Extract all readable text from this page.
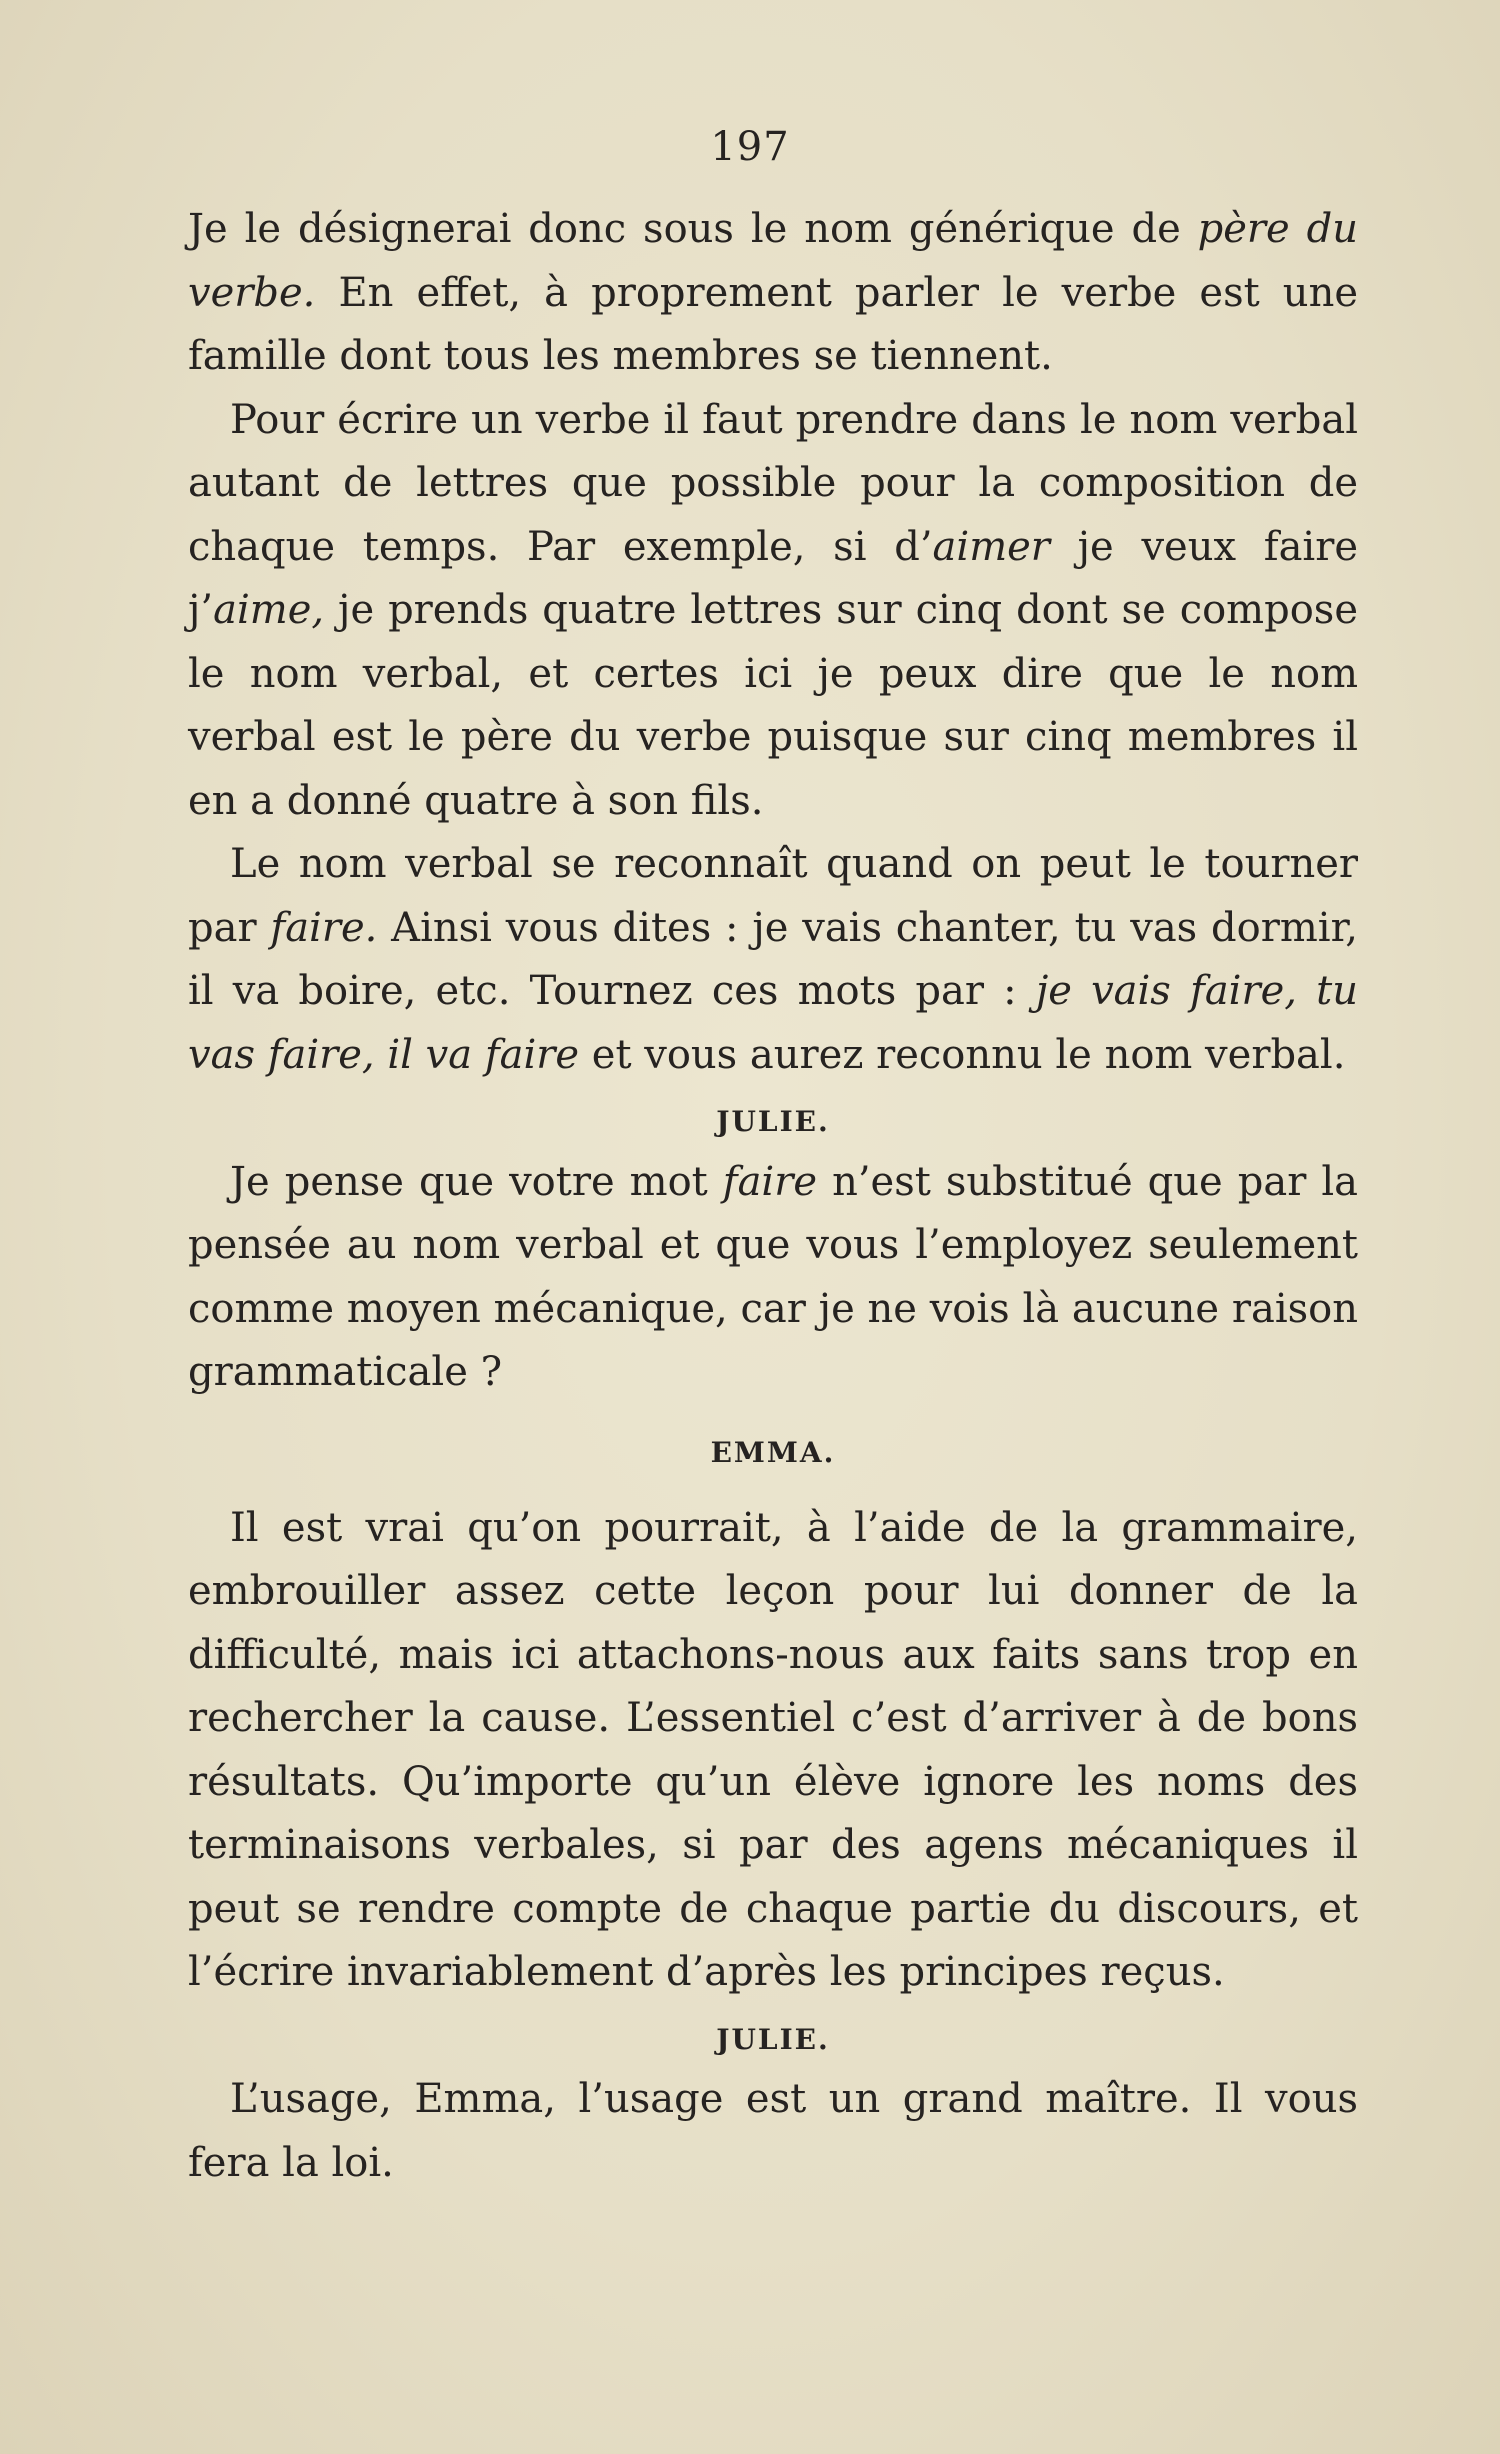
197

Je le désignerai donc sous le nom générique de père du verbe. En effet, à proprement parler le verbe est une famille dont tous les membres se tiennent.

Pour écrire un verbe il faut prendre dans le nom verbal autant de lettres que possible pour la composition de chaque temps. Par exemple, si d’aimer je veux faire j’aime, je prends quatre lettres sur cinq dont se compose le nom verbal, et certes ici je peux dire que le nom verbal est le père du verbe puisque sur cinq membres il en a donné quatre à son fils.

Le nom verbal se reconnaît quand on peut le tourner par faire. Ainsi vous dites : je vais chanter, tu vas dormir, il va boire, etc. Tournez ces mots par : je vais faire, tu vas faire, il va faire et vous aurez reconnu le nom verbal.

JULIE.

Je pense que votre mot faire n’est substitué que par la pensée au nom verbal et que vous l’employez seulement comme moyen mécanique, car je ne vois là aucune raison grammaticale ?

EMMA.

Il est vrai qu’on pourrait, à l’aide de la grammaire, embrouiller assez cette leçon pour lui donner de la difficulté, mais ici attachons-nous aux faits sans trop en rechercher la cause. L’essentiel c’est d’arriver à de bons résultats. Qu’importe qu’un élève ignore les noms des terminaisons verbales, si par des agens mécaniques il peut se rendre compte de chaque partie du discours, et l’écrire invariablement d’après les principes reçus.

JULIE.

L’usage, Emma, l’usage est un grand maître. Il vous fera la loi.
